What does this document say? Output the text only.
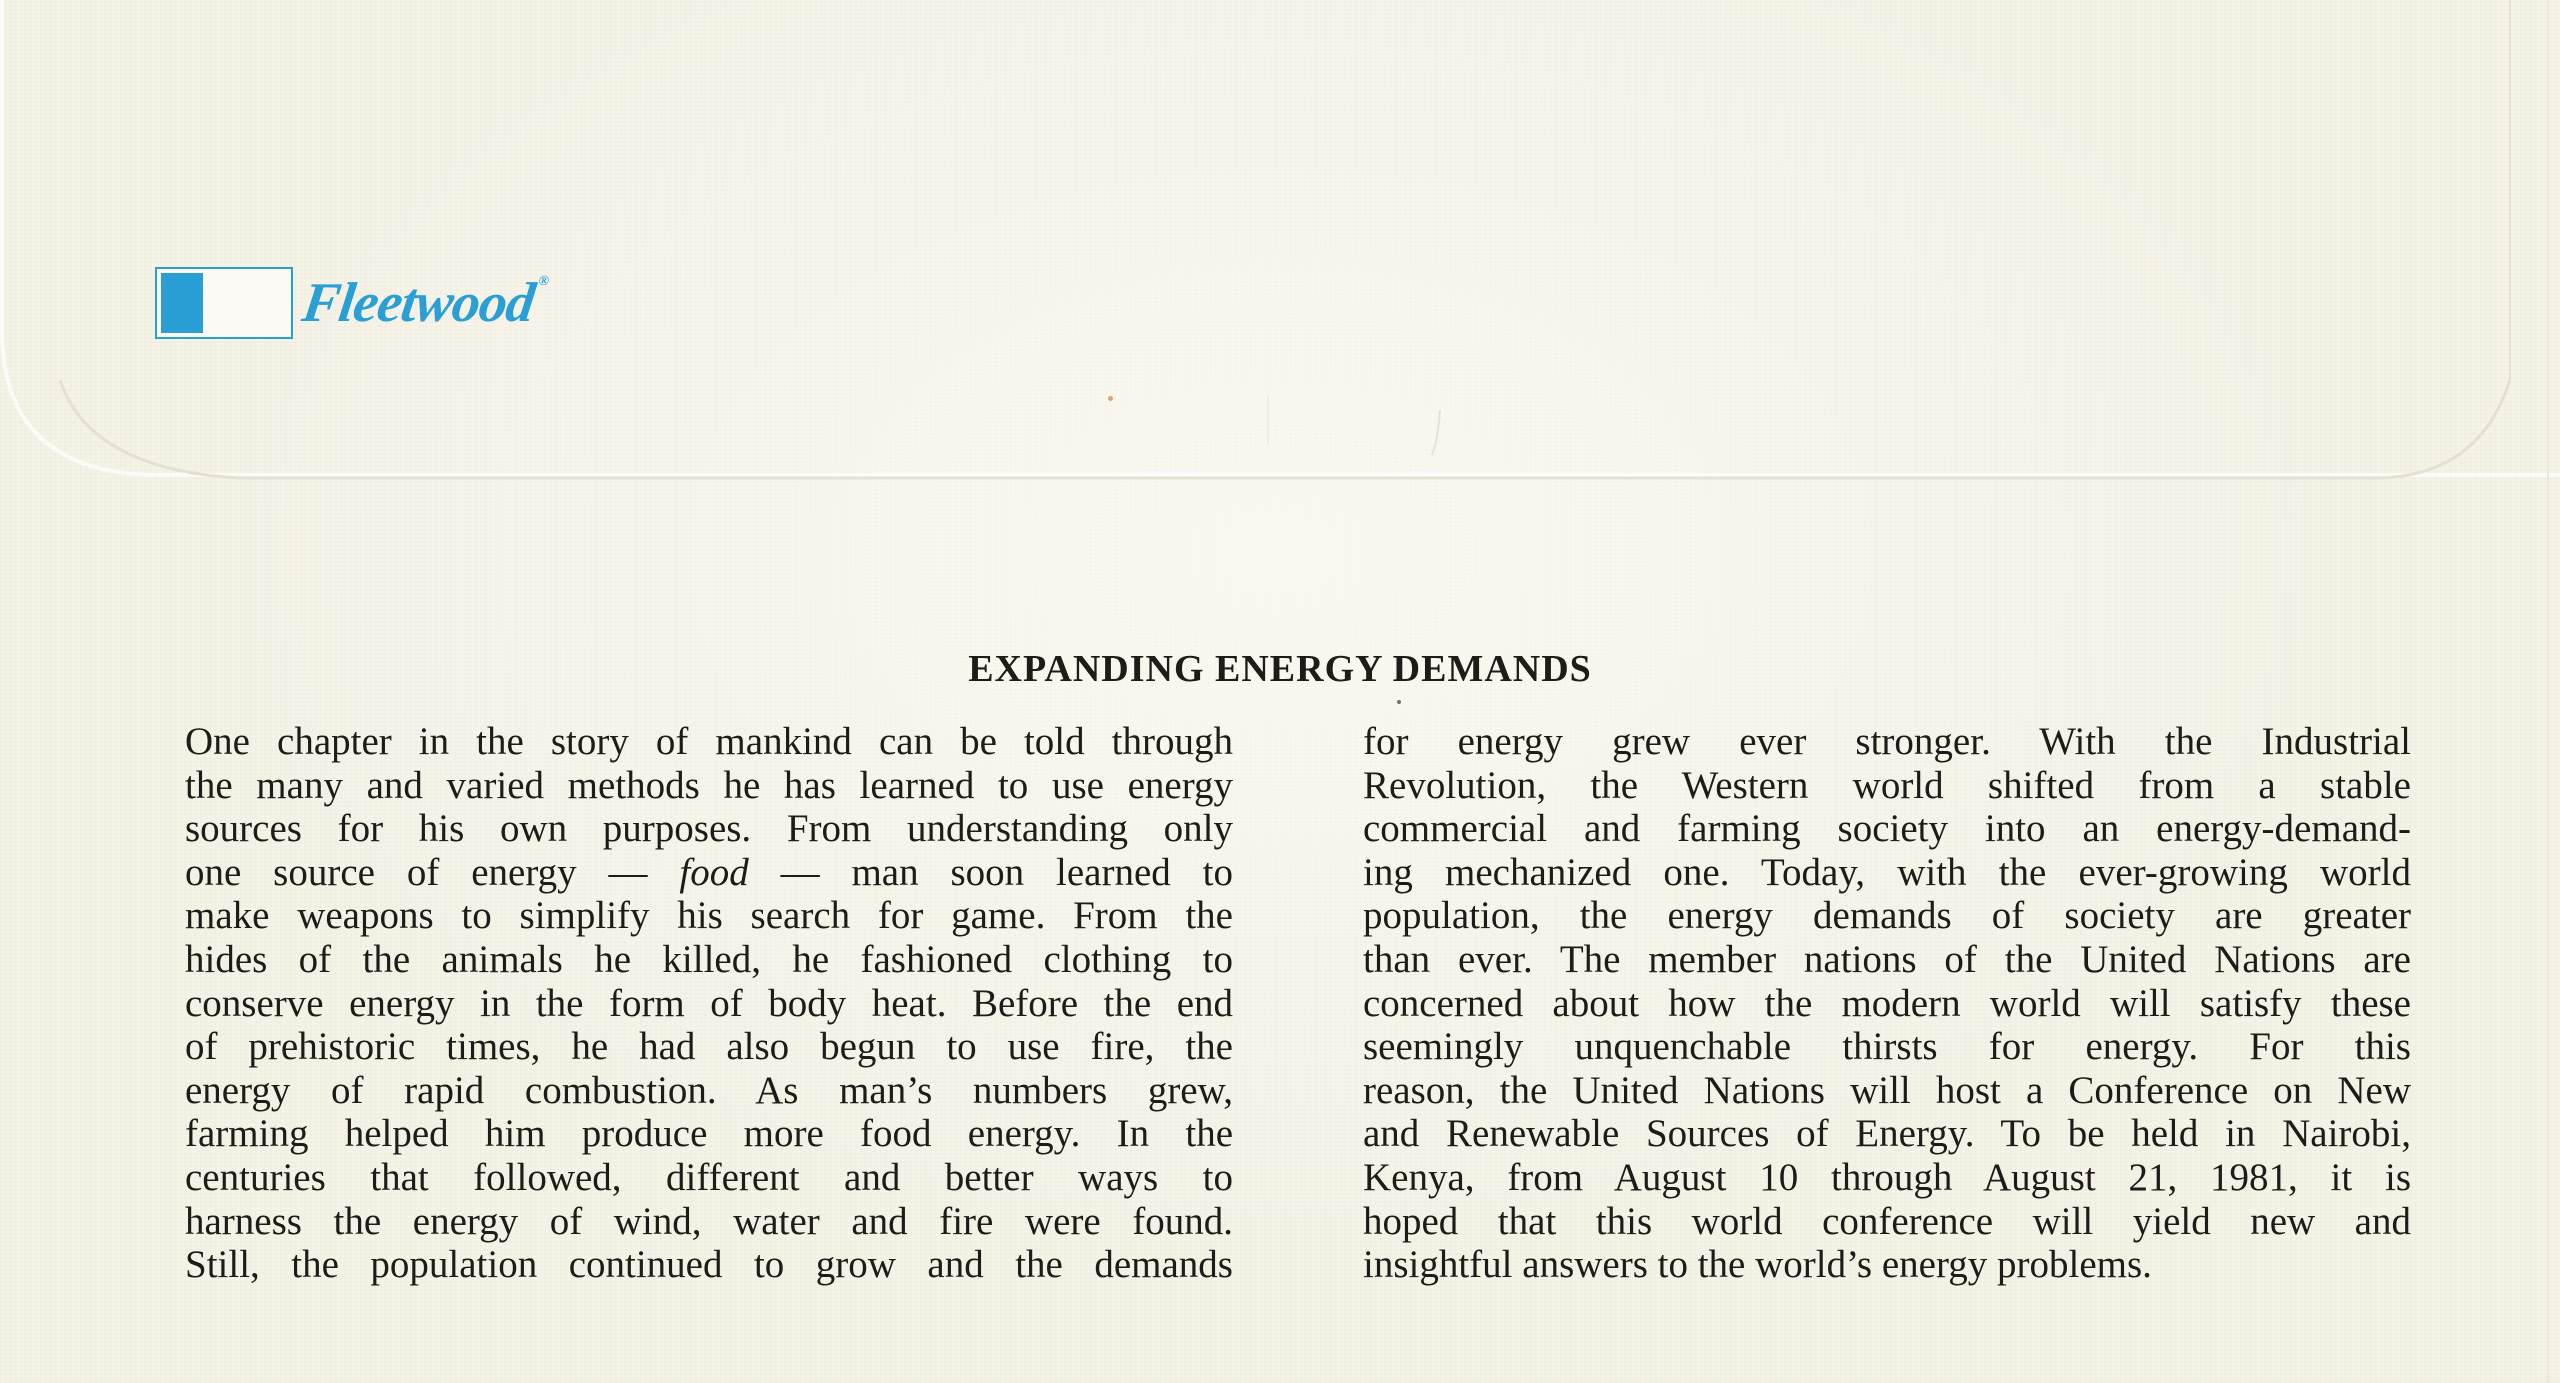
Fleetwood®
EXPANDING ENERGY DEMANDS
One chapter in the story of mankind can be told through
the many and varied methods he has learned to use energy
sources for his own purposes. From understanding only
one source of energy — food — man soon learned to
make weapons to simplify his search for game. From the
hides of the animals he killed, he fashioned clothing to
conserve energy in the form of body heat. Before the end
of prehistoric times, he had also begun to use fire, the
energy of rapid combustion. As man’s numbers grew,
farming helped him produce more food energy. In the
centuries that followed, different and better ways to
harness the energy of wind, water and fire were found.
Still, the population continued to grow and the demands
for energy grew ever stronger. With the Industrial
Revolution, the Western world shifted from a stable
commercial and farming society into an energy-demand-
ing mechanized one. Today, with the ever-growing world
population, the energy demands of society are greater
than ever. The member nations of the United Nations are
concerned about how the modern world will satisfy these
seemingly unquenchable thirsts for energy. For this
reason, the United Nations will host a Conference on New
and Renewable Sources of Energy. To be held in Nairobi,
Kenya, from August 10 through August 21, 1981, it is
hoped that this world conference will yield new and
insightful answers to the world’s energy problems.
